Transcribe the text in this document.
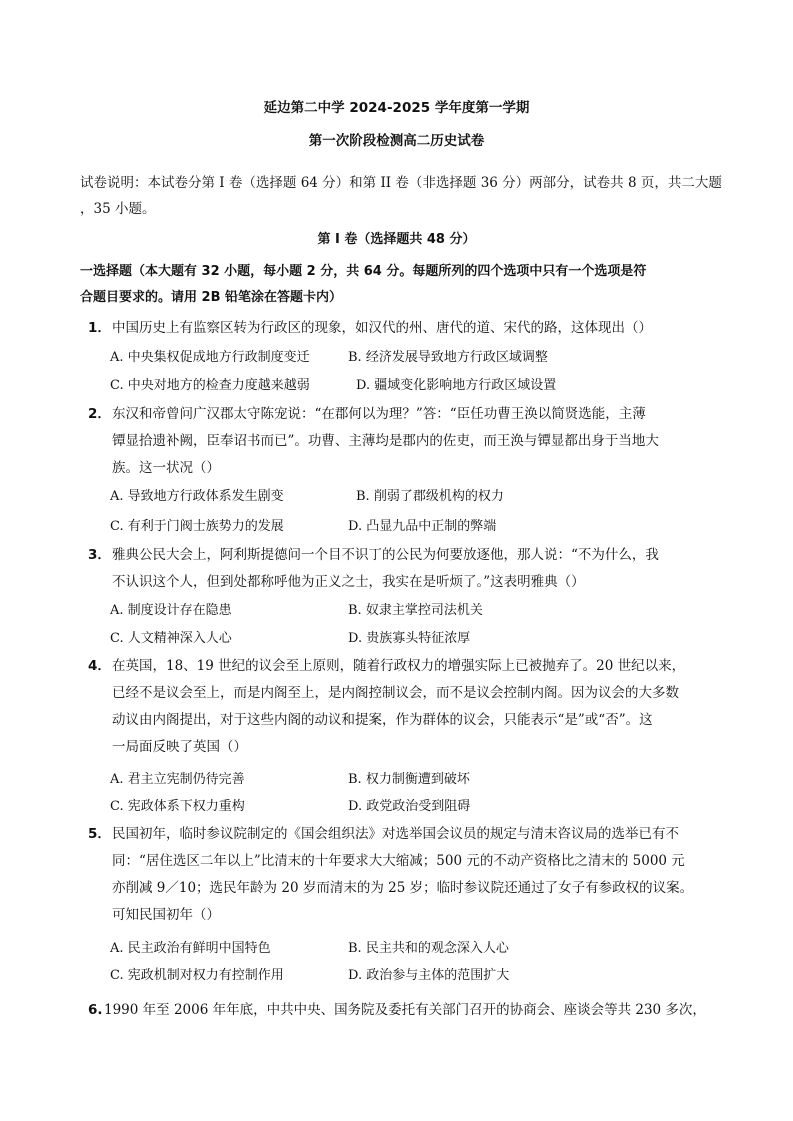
延边第二中学 2024-2025 学年度第一学期
第一次阶段检测高二历史试卷
试卷说明：本试卷分第 I 卷（选择题 64 分）和第 II 卷（非选择题 36 分）两部分，试卷共 8 页，共二大题
，35 小题。
第 I 卷（选择题共 48 分）
一选择题（本大题有 32 小题，每小题 2 分，共 64 分。每题所列的四个选项中只有一个选项是符
合题目要求的。请用 2B 铅笔涂在答题卡内）
1． 中国历史上有监察区转为行政区的现象，如汉代的州、唐代的道、宋代的路，这体现出（）
A. 中央集权促成地方行政制度变迁	B. 经济发展导致地方行政区域调整
C. 中央对地方的检查力度越来越弱	D. 疆域变化影响地方行政区域设置
2． 东汉和帝曾问广汉郡太守陈宠说：“在郡何以为理？”答：“臣任功曹王涣以简贤选能，主薄
镡显拾遗补阙，臣奉诏书而已”。功曹、主薄均是郡内的佐吏，而王涣与镡显都出身于当地大
族。这一状况（）
A. 导致地方行政体系发生剧变	B. 削弱了郡级机构的权力
C. 有利于门阀士族势力的发展	D. 凸显九品中正制的弊端
3． 雅典公民大会上，阿利斯提德问一个目不识丁的公民为何要放逐他，那人说：“不为什么，我
不认识这个人，但到处都称呼他为正义之士，我实在是听烦了。”这表明雅典（）
A. 制度设计存在隐患	B. 奴隶主掌控司法机关
C. 人文精神深入人心	D. 贵族寡头特征浓厚
4． 在英国，18、19 世纪的议会至上原则，随着行政权力的增强实际上已被抛弃了。20 世纪以来，
已经不是议会至上，而是内阁至上，是内阁控制议会，而不是议会控制内阁。因为议会的大多数
动议由内阁提出，对于这些内阁的动议和提案，作为群体的议会，只能表示“是”或“否”。这
一局面反映了英国（）
A. 君主立宪制仍待完善	B. 权力制衡遭到破坏
C. 宪政体系下权力重构	D. 政党政治受到阻碍
5． 民国初年，临时参议院制定的《国会组织法》对选举国会议员的规定与清末咨议局的选举已有不
同：“居住选区二年以上”比清末的十年要求大大缩减；500 元的不动产资格比之清末的 5000 元
亦削减 9／10；选民年龄为 20 岁而清末的为 25 岁；临时参议院还通过了女子有参政权的议案。
可知民国初年（）
A. 民主政治有鲜明中国特色	B. 民主共和的观念深入人心
C. 宪政机制对权力有控制作用	D. 政治参与主体的范围扩大
6. 1990 年至 2006 年年底，中共中央、国务院及委托有关部门召开的协商会、座谈会等共 230 多次，
